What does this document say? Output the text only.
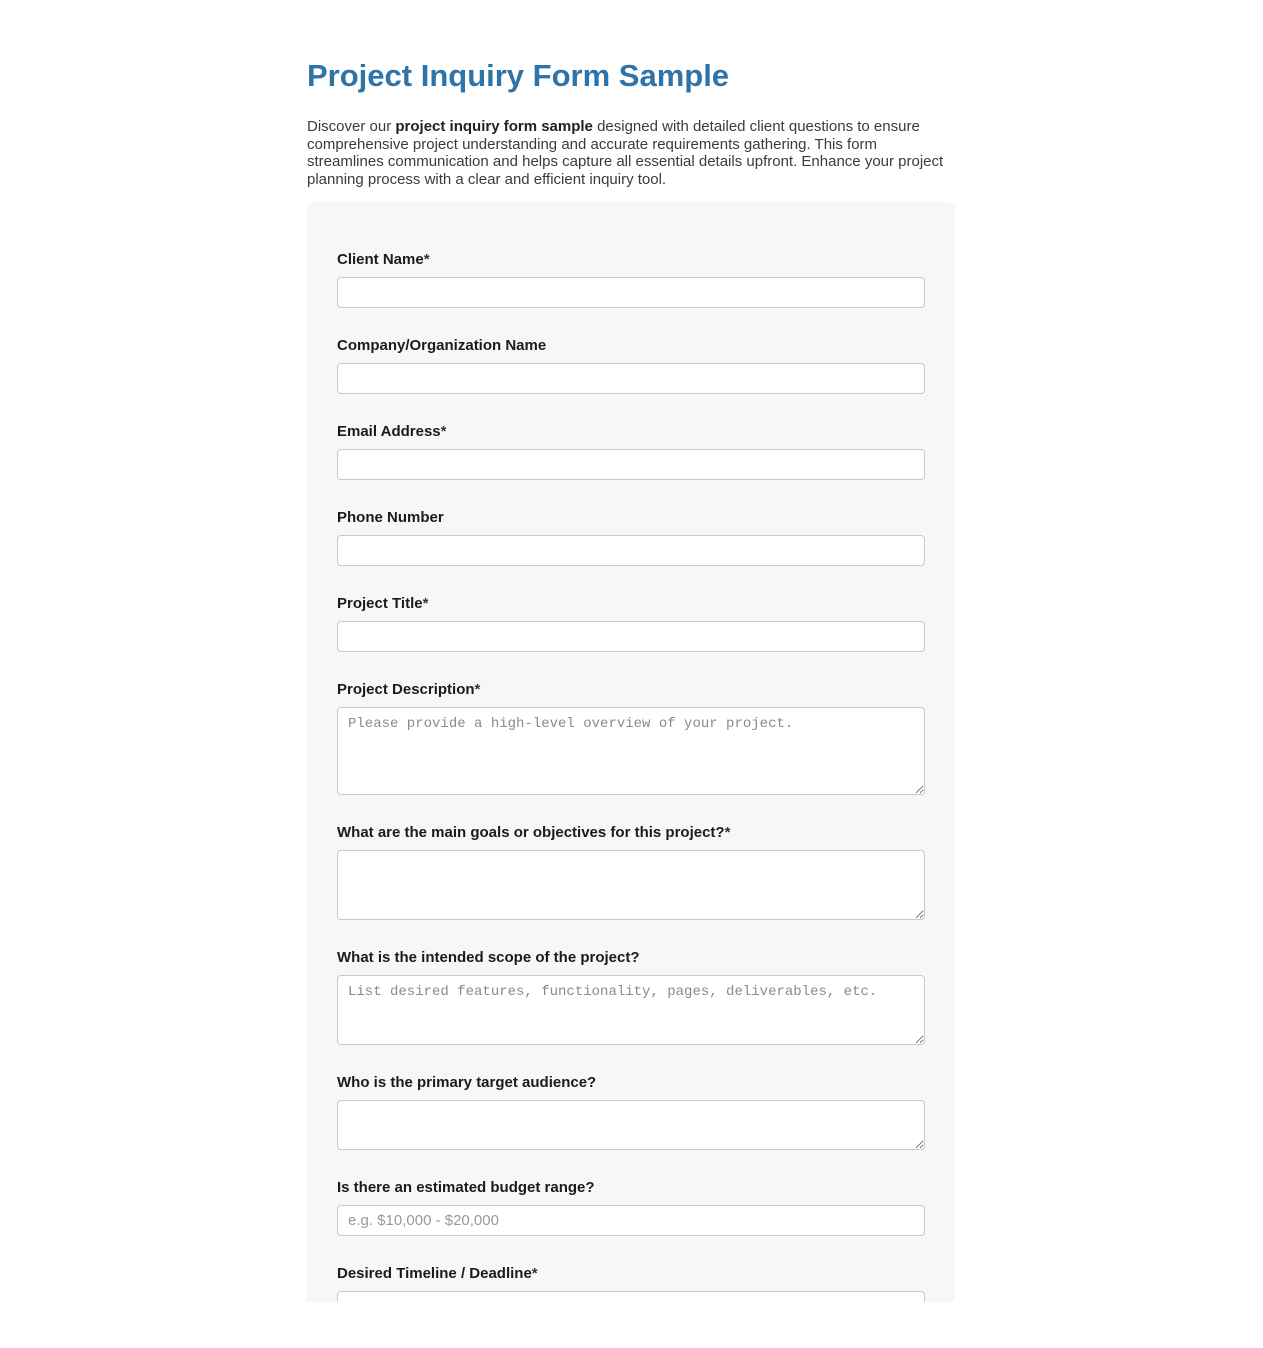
Project Inquiry Form Sample

Discover our project inquiry form sample designed with detailed client questions to ensure comprehensive project understanding and accurate requirements gathering. This form streamlines communication and helps capture all essential details upfront. Enhance your project planning process with a clear and efficient inquiry tool.

Client Name*
Company/Organization Name
Email Address*
Phone Number
Project Title*
Project Description*
Please provide a high-level overview of your project.
What are the main goals or objectives for this project?*
What is the intended scope of the project?
List desired features, functionality, pages, deliverables, etc.
Who is the primary target audience?
Is there an estimated budget range?
e.g. $10,000 - $20,000
Desired Timeline / Deadline*
